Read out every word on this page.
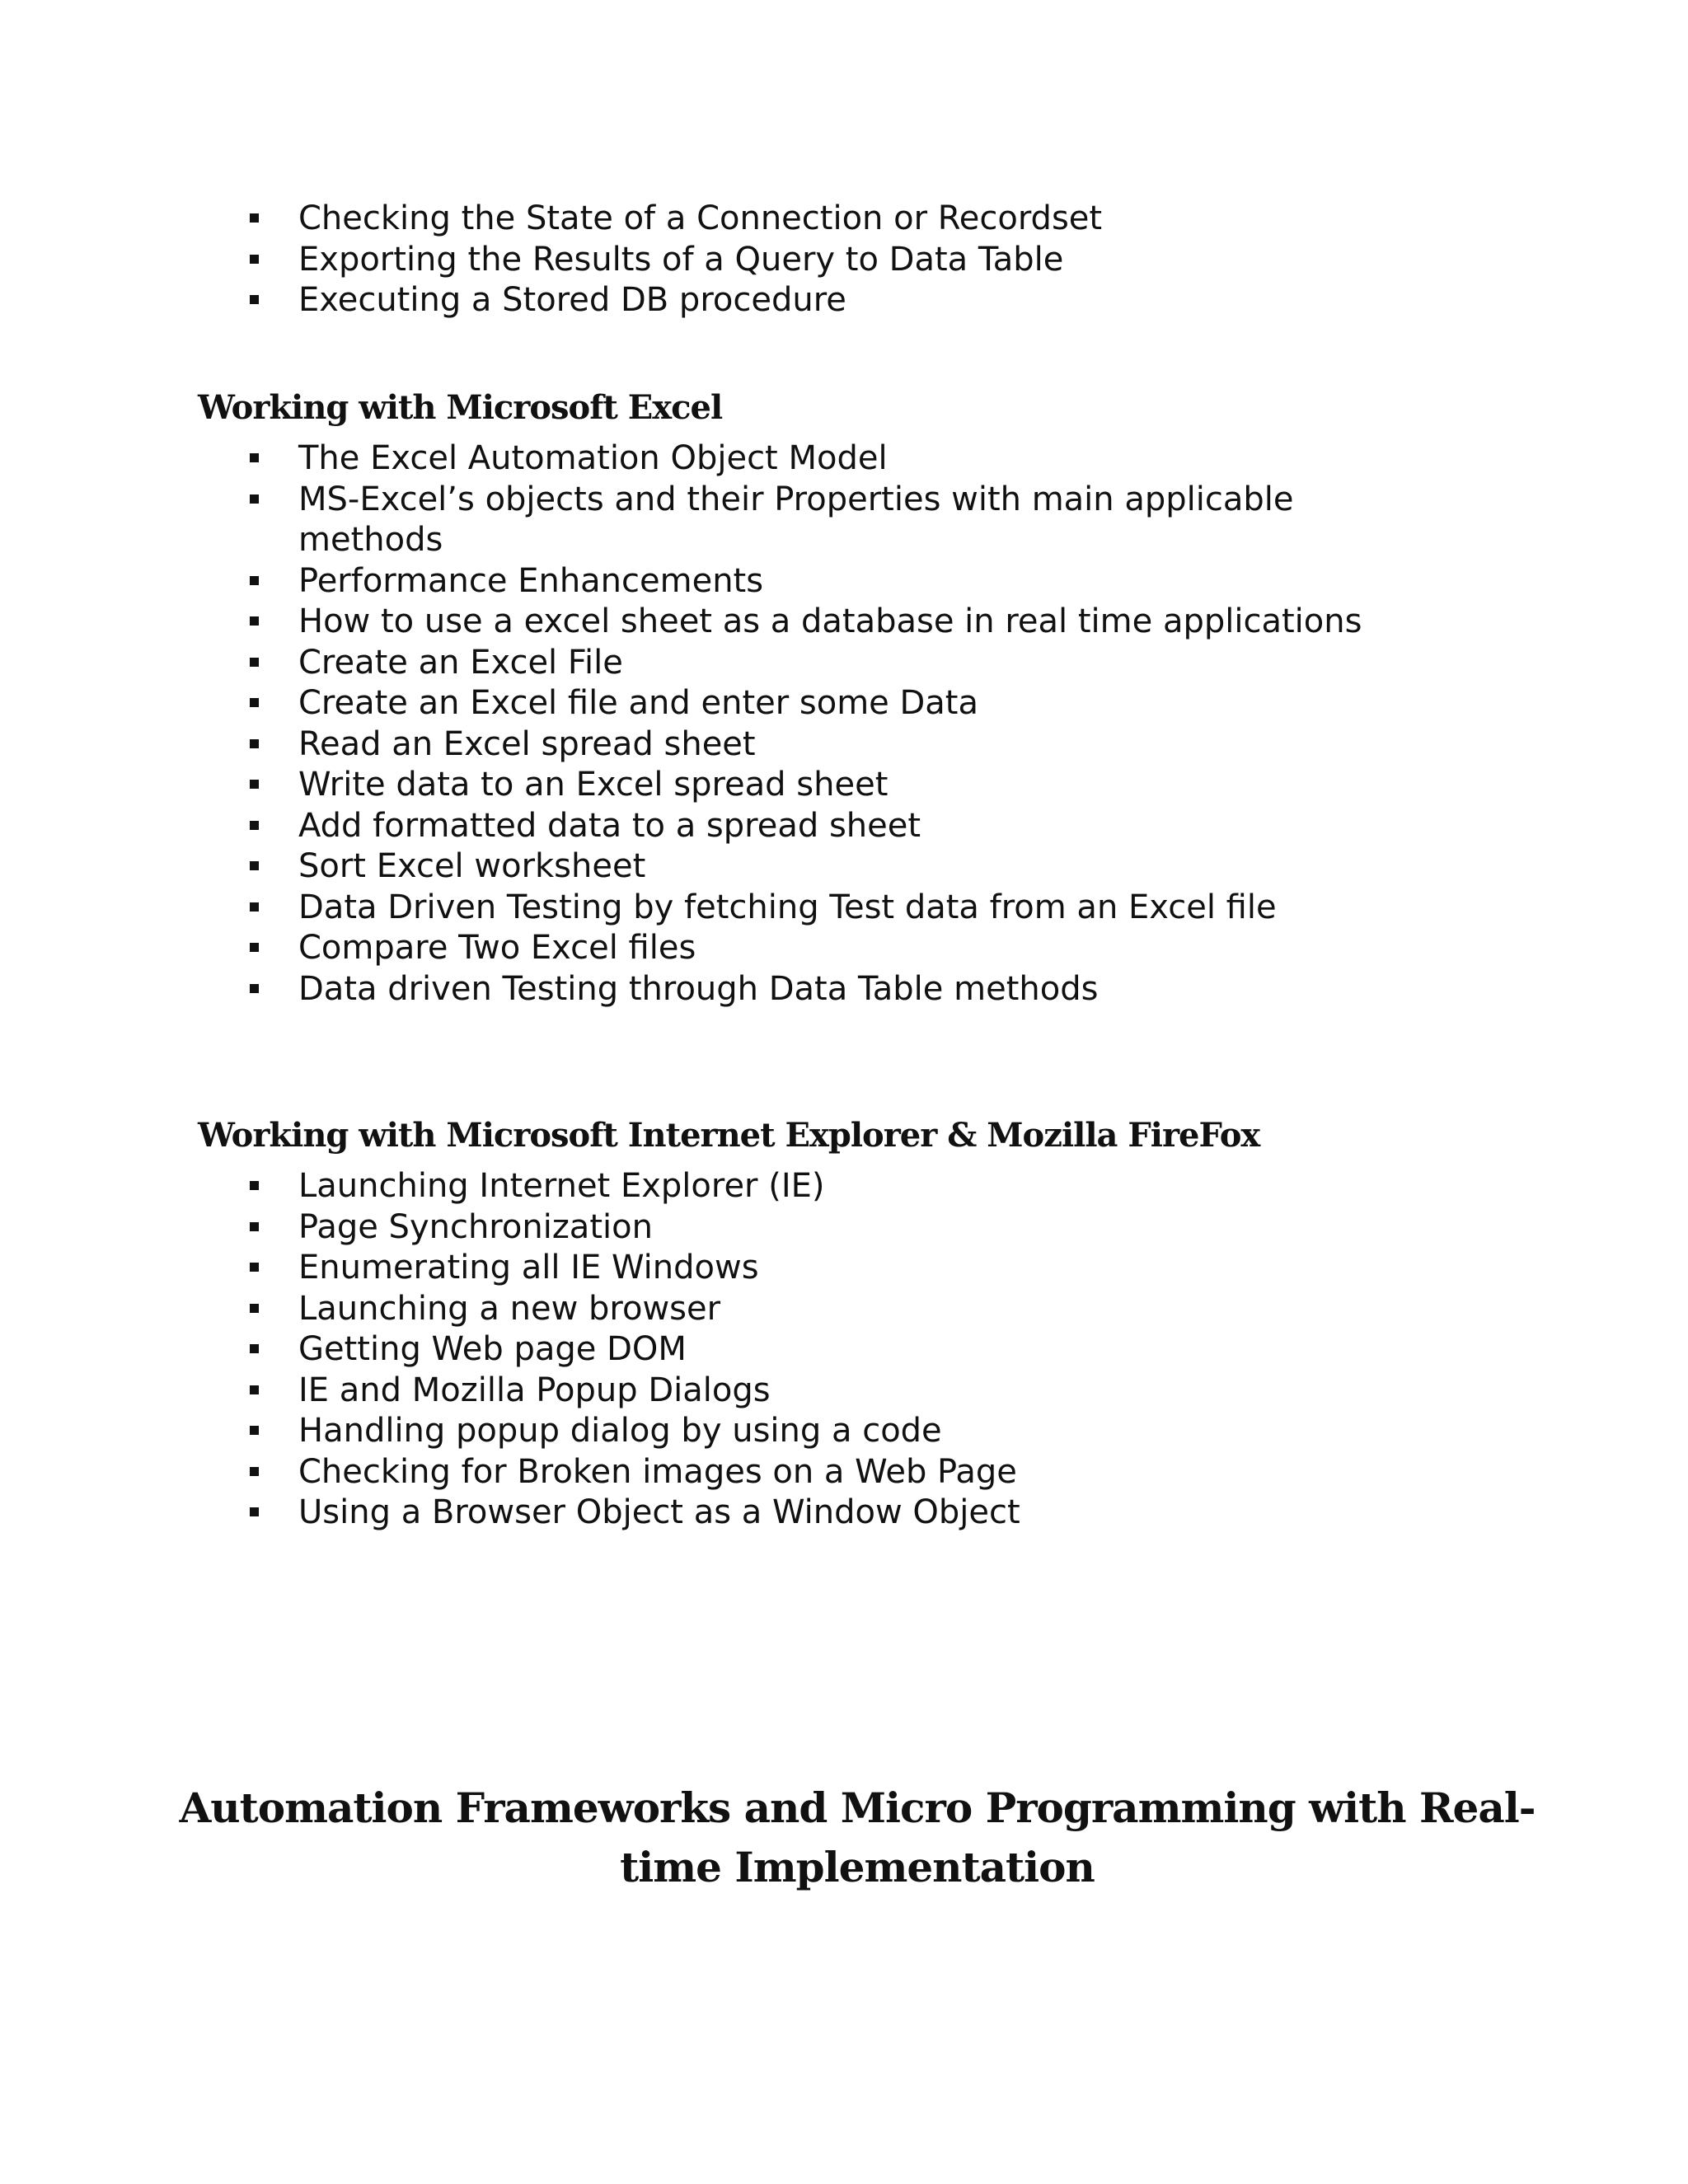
Checking the State of a Connection or Recordset
Exporting the Results of a Query to Data Table
Executing a Stored DB procedure
Working with Microsoft Excel
The Excel Automation Object Model
MS-Excel’s objects and their Properties with main applicable methods
Performance Enhancements
How to use a excel sheet as a database in real time applications
Create an Excel File
Create an Excel file and enter some Data
Read an Excel spread sheet
Write data to an Excel spread sheet
Add formatted data to a spread sheet
Sort Excel worksheet
Data Driven Testing by fetching Test data from an Excel file
Compare Two Excel files
Data driven Testing through Data Table methods
Working with Microsoft Internet Explorer & Mozilla FireFox
Launching Internet Explorer (IE)
Page Synchronization
Enumerating all IE Windows
Launching a new browser
Getting Web page DOM
IE and Mozilla Popup Dialogs
Handling popup dialog by using a code
Checking for Broken images on a Web Page
Using a Browser Object as a Window Object
Automation Frameworks and Micro Programming with Real-
time Implementation
